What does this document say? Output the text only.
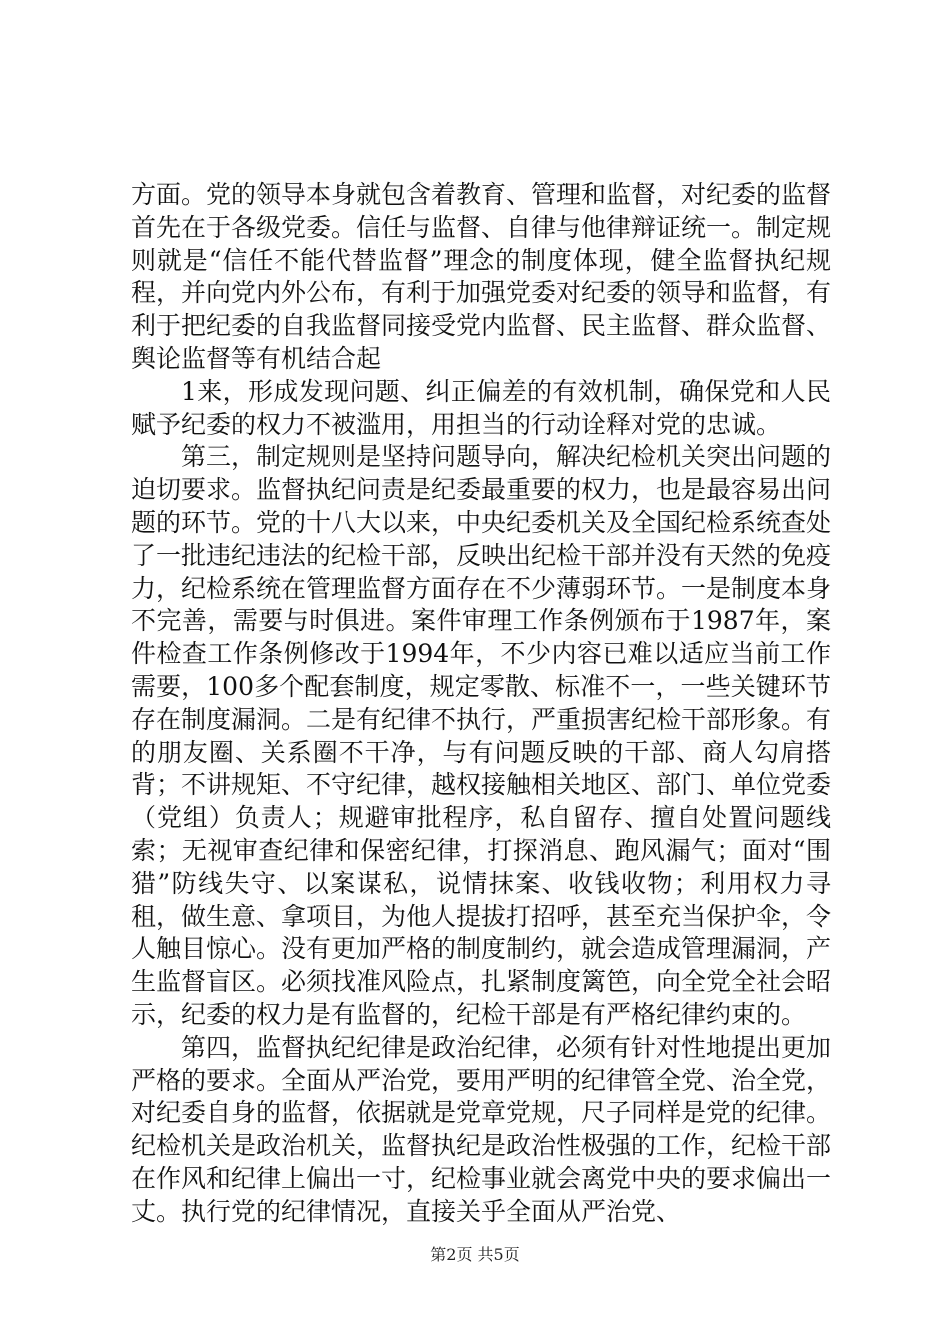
方面。党的领导本身就包含着教育、管理和监督，对纪委的监督首先在于各级党委。信任与监督、自律与他律辩证统一。制定规则就是“信任不能代替监督”理念的制度体现，健全监督执纪规程，并向党内外公布，有利于加强党委对纪委的领导和监督，有利于把纪委的自我监督同接受党内监督、民主监督、群众监督、舆论监督等有机结合起

1来，形成发现问题、纠正偏差的有效机制，确保党和人民赋予纪委的权力不被滥用，用担当的行动诠释对党的忠诚。

第三，制定规则是坚持问题导向，解决纪检机关突出问题的迫切要求。监督执纪问责是纪委最重要的权力，也是最容易出问题的环节。党的十八大以来，中央纪委机关及全国纪检系统查处了一批违纪违法的纪检干部，反映出纪检干部并没有天然的免疫力，纪检系统在管理监督方面存在不少薄弱环节。一是制度本身不完善，需要与时俱进。案件审理工作条例颁布于1987年，案件检查工作条例修改于1994年，不少内容已难以适应当前工作需要，100多个配套制度，规定零散、标准不一，一些关键环节存在制度漏洞。二是有纪律不执行，严重损害纪检干部形象。有的朋友圈、关系圈不干净，与有问题反映的干部、商人勾肩搭背；不讲规矩、不守纪律，越权接触相关地区、部门、单位党委（党组）负责人；规避审批程序，私自留存、擅自处置问题线索；无视审查纪律和保密纪律，打探消息、跑风漏气；面对“围猎”防线失守、以案谋私，说情抹案、收钱收物；利用权力寻租，做生意、拿项目，为他人提拔打招呼，甚至充当保护伞，令人触目惊心。没有更加严格的制度制约，就会造成管理漏洞，产生监督盲区。必须找准风险点，扎紧制度篱笆，向全党全社会昭示，纪委的权力是有监督的，纪检干部是有严格纪律约束的。

第四，监督执纪纪律是政治纪律，必须有针对性地提出更加严格的要求。全面从严治党，要用严明的纪律管全党、治全党，对纪委自身的监督，依据就是党章党规，尺子同样是党的纪律。纪检机关是政治机关，监督执纪是政治性极强的工作，纪检干部在作风和纪律上偏出一寸，纪检事业就会离党中央的要求偏出一丈。执行党的纪律情况，直接关乎全面从严治党、

第2页 共5页
